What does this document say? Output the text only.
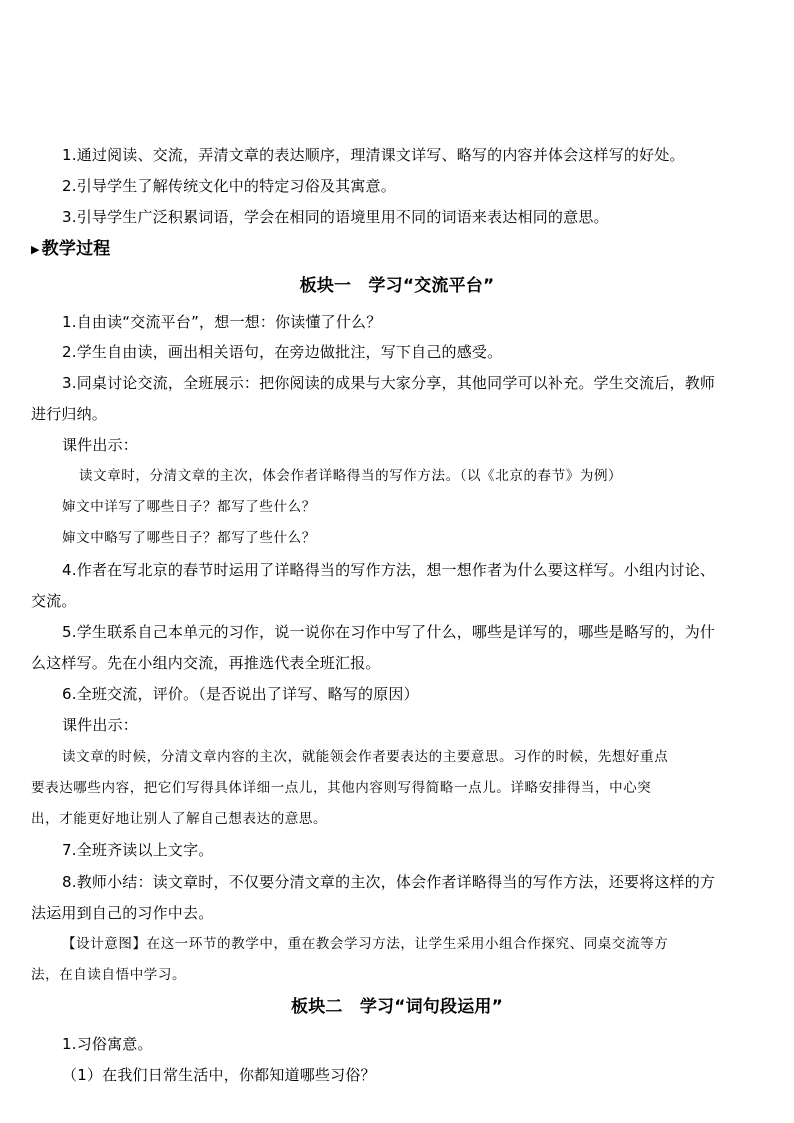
1.通过阅读、交流，弄清文章的表达顺序，理清课文详写、略写的内容并体会这样写的好处。
2.引导学生了解传统文化中的特定习俗及其寓意。
3.引导学生广泛积累词语，学会在相同的语境里用不同的词语来表达相同的意思。
▶ 教学过程
板块一　学习“交流平台”
1.自由读“交流平台”，想一想：你读懂了什么？
2.学生自由读，画出相关语句，在旁边做批注，写下自己的感受。
3.同桌讨论交流，全班展示：把你阅读的成果与大家分享，其他同学可以补充。学生交流后，教师
进行归纳。
课件出示：
读文章时，分清文章的主次，体会作者详略得当的写作方法。（以《北京的春节》为例）
婶文中详写了哪些日子？都写了些什么？
婶文中略写了哪些日子？都写了些什么？
4.作者在写北京的春节时运用了详略得当的写作方法，想一想作者为什么要这样写。小组内讨论、
交流。
5.学生联系自己本单元的习作，说一说你在习作中写了什么，哪些是详写的，哪些是略写的，为什
么这样写。先在小组内交流，再推选代表全班汇报。
6.全班交流，评价。（是否说出了详写、略写的原因）
课件出示：
读文章的时候，分清文章内容的主次，就能领会作者要表达的主要意思。习作的时候，先想好重点
要表达哪些内容，把它们写得具体详细一点儿，其他内容则写得简略一点儿。详略安排得当，中心突
出，才能更好地让别人了解自己想表达的意思。
7.全班齐读以上文字。
8.教师小结：读文章时，不仅要分清文章的主次，体会作者详略得当的写作方法，还要将这样的方
法运用到自己的习作中去。
【设计意图】在这一环节的教学中，重在教会学习方法，让学生采用小组合作探究、同桌交流等方
法，在自读自悟中学习。
板块二　学习“词句段运用”
1.习俗寓意。
（1）在我们日常生活中，你都知道哪些习俗？
